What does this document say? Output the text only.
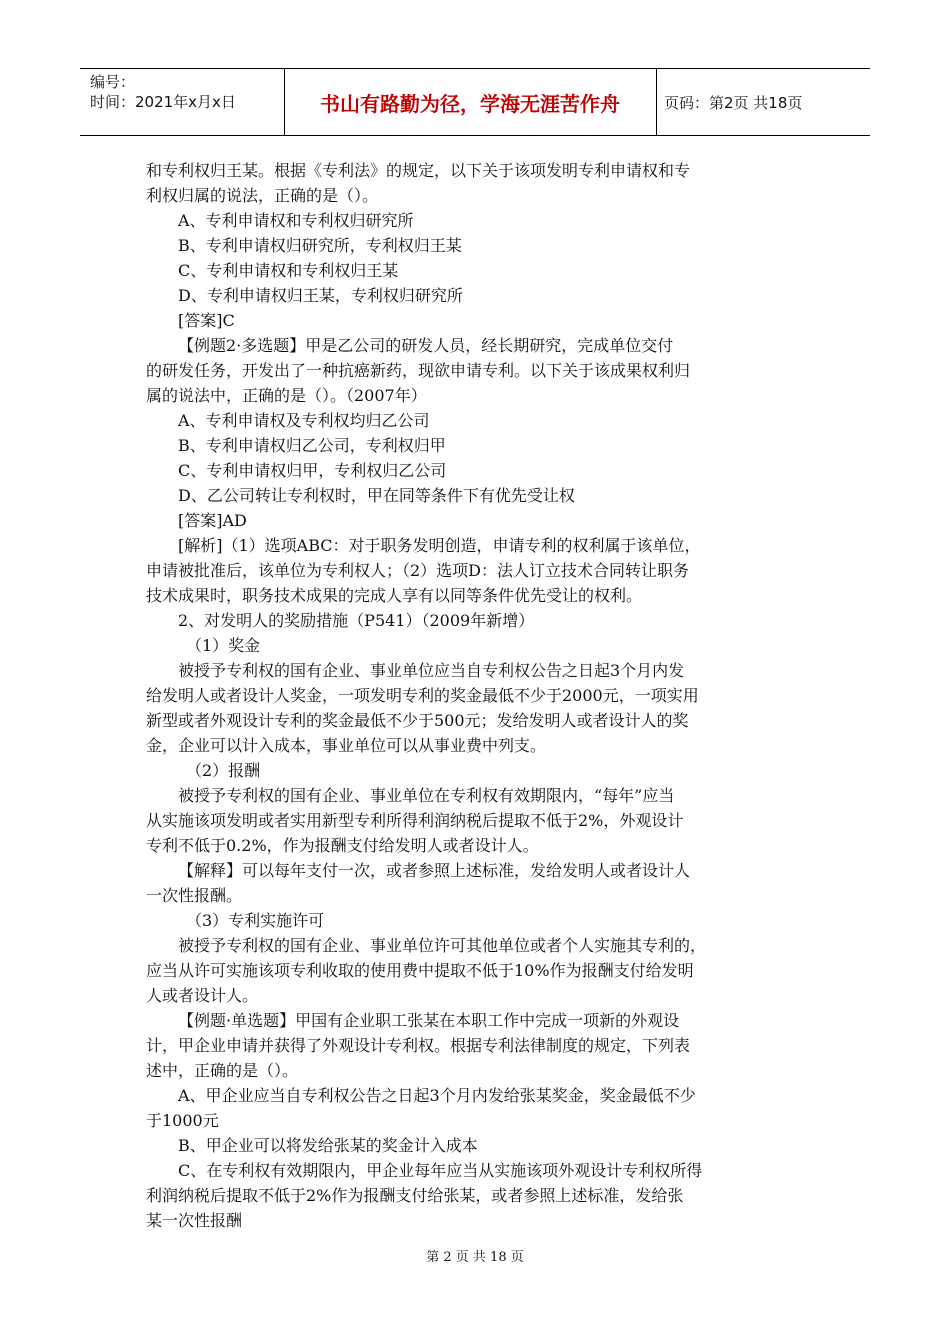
编号：
时间：2021年x月x日	书山有路勤为径，学海无涯苦作舟	页码：第2页 共18页

和专利权归王某。根据《专利法》的规定，以下关于该项发明专利申请权和专

利权归属的说法，正确的是（）。

A、专利申请权和专利权归研究所

B、专利申请权归研究所，专利权归王某

C、专利申请权和专利权归王某

D、专利申请权归王某，专利权归研究所

[答案]C

【例题2·多选题】甲是乙公司的研发人员，经长期研究，完成单位交付

的研发任务，开发出了一种抗癌新药，现欲申请专利。以下关于该成果权利归

属的说法中，正确的是（）。（2007年）

A、专利申请权及专利权均归乙公司

B、专利申请权归乙公司，专利权归甲

C、专利申请权归甲，专利权归乙公司

D、乙公司转让专利权时，甲在同等条件下有优先受让权

[答案]AD

[解析]（1）选项ABC：对于职务发明创造，申请专利的权利属于该单位，

申请被批准后，该单位为专利权人；（2）选项D：法人订立技术合同转让职务

技术成果时，职务技术成果的完成人享有以同等条件优先受让的权利。

2、对发明人的奖励措施（P541）（2009年新增）

（1）奖金

被授予专利权的国有企业、事业单位应当自专利权公告之日起3个月内发

给发明人或者设计人奖金，一项发明专利的奖金最低不少于2000元，一项实用

新型或者外观设计专利的奖金最低不少于500元；发给发明人或者设计人的奖

金，企业可以计入成本，事业单位可以从事业费中列支。

（2）报酬

被授予专利权的国有企业、事业单位在专利权有效期限内，“每年”应当

从实施该项发明或者实用新型专利所得利润纳税后提取不低于2%，外观设计

专利不低于0.2%，作为报酬支付给发明人或者设计人。

【解释】可以每年支付一次，或者参照上述标准，发给发明人或者设计人

一次性报酬。

（3）专利实施许可

被授予专利权的国有企业、事业单位许可其他单位或者个人实施其专利的，

应当从许可实施该项专利收取的使用费中提取不低于10%作为报酬支付给发明

人或者设计人。

【例题·单选题】甲国有企业职工张某在本职工作中完成一项新的外观设

计，甲企业申请并获得了外观设计专利权。根据专利法律制度的规定，下列表

述中，正确的是（）。

A、甲企业应当自专利权公告之日起3个月内发给张某奖金，奖金最低不少

于1000元

B、甲企业可以将发给张某的奖金计入成本

C、在专利权有效期限内，甲企业每年应当从实施该项外观设计专利权所得

利润纳税后提取不低于2%作为报酬支付给张某，或者参照上述标准，发给张

某一次性报酬

第 2 页 共 18 页
